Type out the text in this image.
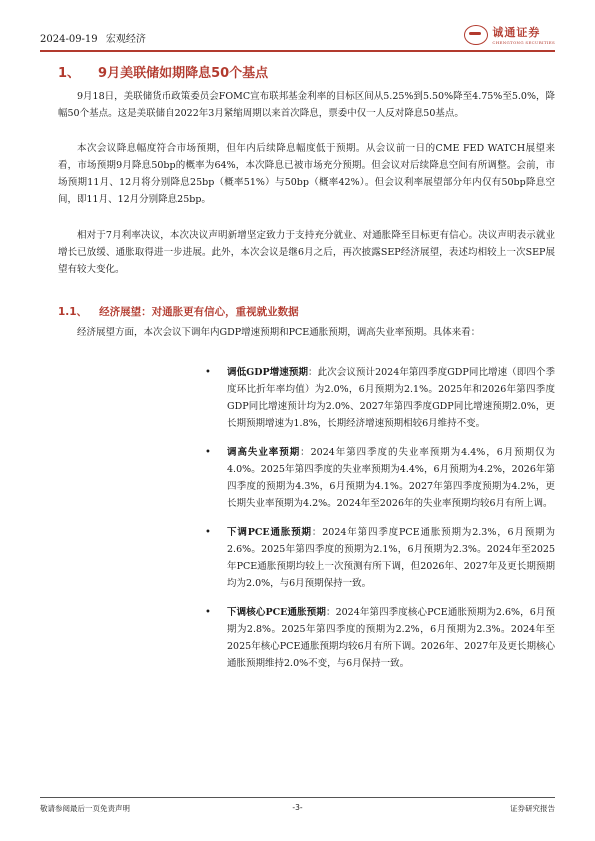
2024-09-19 宏观经济
诚通证券
CHENGTONG SECURITIES
1、 9月美联储如期降息50个基点

9月18日，美联储货币政策委员会FOMC宣布联邦基金利率的目标区间从5.25%到5.50%降至4.75%至5.0%，降幅50个基点。这是美联储自2022年3月紧缩周期以来首次降息，票委中仅一人反对降息50基点。

本次会议降息幅度符合市场预期，但年内后续降息幅度低于预期。从会议前一日的CME FED WATCH展望来看，市场预期9月降息50bp的概率为64%，本次降息已被市场充分预期。但会议对后续降息空间有所调整。会前，市场预期11月、12月将分别降息25bp（概率51%）与50bp（概率42%）。但会议利率展望部分年内仅有50bp降息空间，即11月、12月分别降息25bp。

相对于7月利率决议，本次决议声明新增坚定致力于支持充分就业、对通胀降至目标更有信心。决议声明表示就业增长已放缓、通胀取得进一步进展。此外，本次会议是继6月之后，再次披露SEP经济展望，表述均相较上一次SEP展望有较大变化。

1.1、 经济展望：对通胀更有信心，重视就业数据

经济展望方面，本次会议下调年内GDP增速预期和PCE通胀预期，调高失业率预期。具体来看：

• 调低GDP增速预期：此次会议预计2024年第四季度GDP同比增速（即四个季度环比折年率均值）为2.0%，6月预期为2.1%。2025年和2026年第四季度GDP同比增速预计均为2.0%、2027年第四季度GDP同比增速预期2.0%，更长期预期增速为1.8%，长期经济增速预期相较6月维持不变。
• 调高失业率预期：2024年第四季度的失业率预期为4.4%，6月预期仅为4.0%。2025年第四季度的失业率预期为4.4%，6月预期为4.2%，2026年第四季度的预期为4.3%，6月预期为4.1%。2027年第四季度预期为4.2%，更长期失业率预期为4.2%。2024年至2026年的失业率预期均较6月有所上调。
• 下调PCE通胀预期：2024年第四季度PCE通胀预期为2.3%，6月预期为2.6%。2025年第四季度的预期为2.1%，6月预期为2.3%。2024年至2025年PCE通胀预期均较上一次预测有所下调，但2026年、2027年及更长期预期均为2.0%，与6月预期保持一致。
• 下调核心PCE通胀预期：2024年第四季度核心PCE通胀预期为2.6%，6月预期为2.8%。2025年第四季度的预期为2.2%，6月预期为2.3%。2024年至2025年核心PCE通胀预期均较6月有所下调。2026年、2027年及更长期核心通胀预期维持2.0%不变，与6月保持一致。
敬请参阅最后一页免责声明	-3-	证券研究报告
